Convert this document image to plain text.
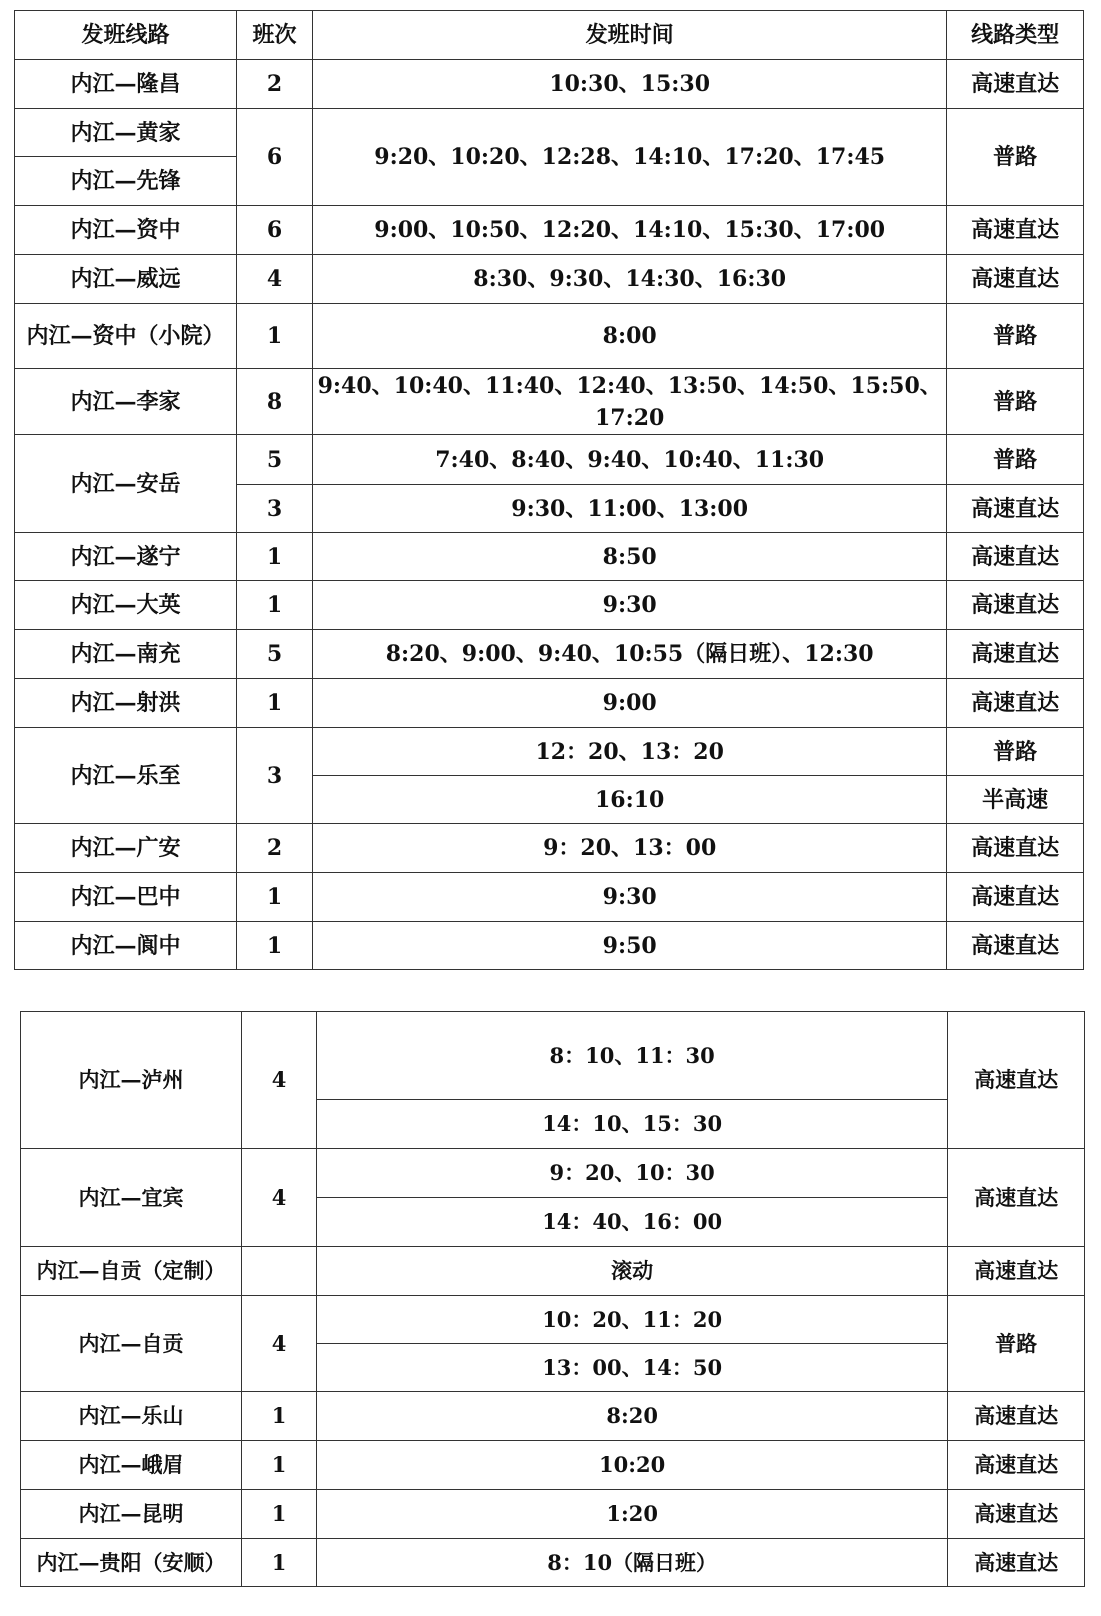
发班线路	班次	发班时间	线路类型
内江—隆昌	2	10:30、15:30	高速直达
内江—黄家	6	9:20、10:20、12:28、14:10、17:20、17:45	普路
内江—先锋			
内江—资中	6	9:00、10:50、12:20、14:10、15:30、17:00	高速直达
内江—威远	4	8:30、9:30、14:30、16:30	高速直达
内江—资中（小院）	1	8:00	普路
内江—李家	8	9:40、10:40、11:40、12:40、13:50、14:50、15:50、17:20	普路
内江—安岳	5	7:40、8:40、9:40、10:40、11:30	普路
	3	9:30、11:00、13:00	高速直达
内江—遂宁	1	8:50	高速直达
内江—大英	1	9:30	高速直达
内江—南充	5	8:20、9:00、9:40、10:55（隔日班）、12:30	高速直达
内江—射洪	1	9:00	高速直达
内江—乐至	3	12：20、13：20	普路
		16:10	半高速
内江—广安	2	9：20、13：00	高速直达
内江—巴中	1	9:30	高速直达
内江—阆中	1	9:50	高速直达
内江—泸州	4	8：10、11：30	高速直达
		14：10、15：30	
内江—宜宾	4	9：20、10：30	高速直达
		14：40、16：00	
内江—自贡（定制）		滚动	高速直达
内江—自贡	4	10：20、11：20	普路
		13：00、14：50	
内江—乐山	1	8:20	高速直达
内江—峨眉	1	10:20	高速直达
内江—昆明	1	1:20	高速直达
内江—贵阳（安顺）	1	8：10（隔日班）	高速直达
